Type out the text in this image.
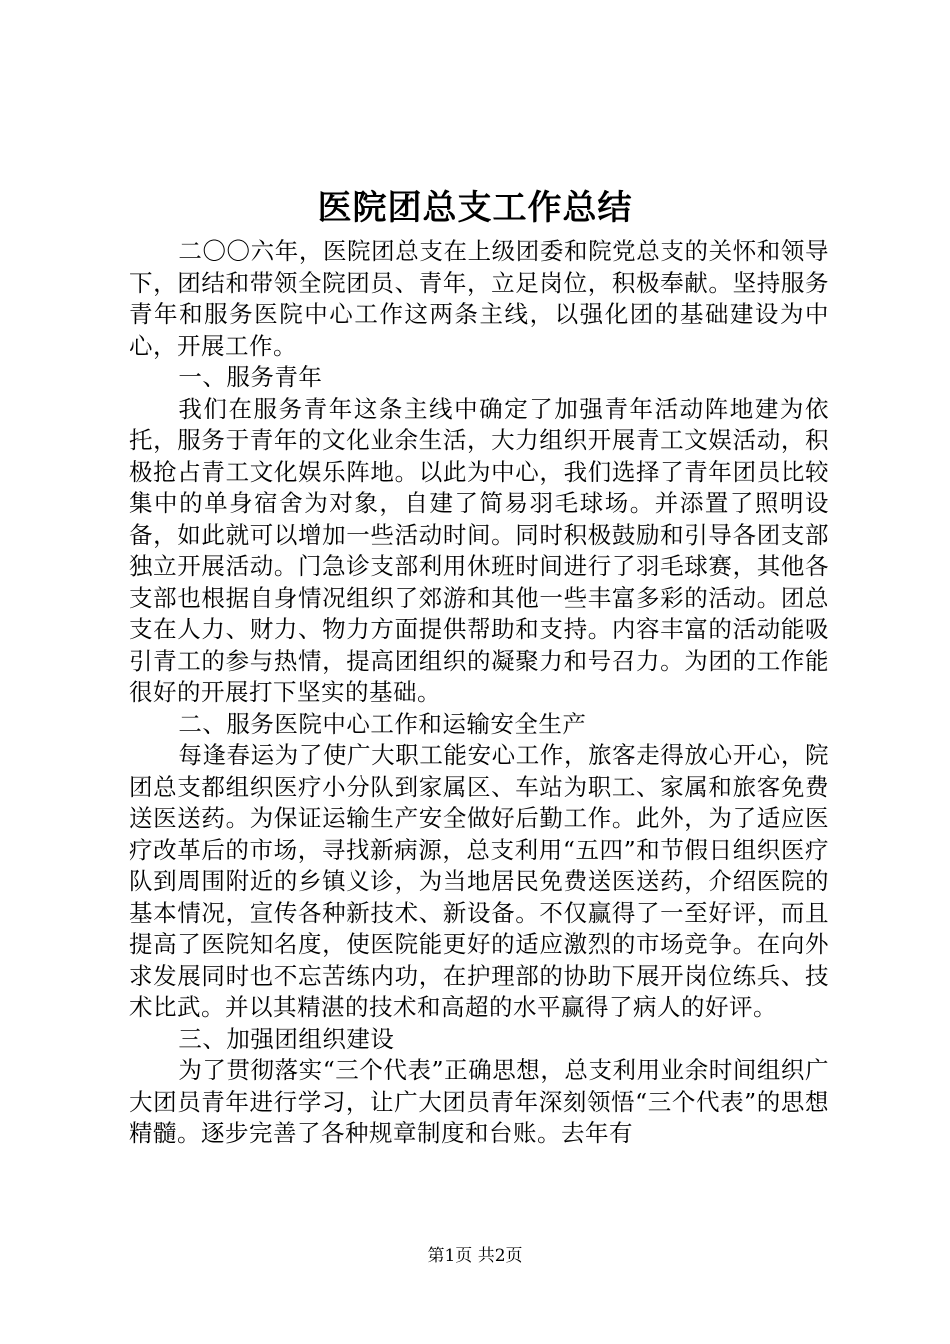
医院团总支工作总结

二〇〇六年，医院团总支在上级团委和院党总支的关怀和领导下，团结和带领全院团员、青年，立足岗位，积极奉献。坚持服务青年和服务医院中心工作这两条主线，以强化团的基础建设为中心，开展工作。

一、服务青年

我们在服务青年这条主线中确定了加强青年活动阵地建为依托，服务于青年的文化业余生活，大力组织开展青工文娱活动，积极抢占青工文化娱乐阵地。以此为中心，我们选择了青年团员比较集中的单身宿舍为对象，自建了简易羽毛球场。并添置了照明设备，如此就可以增加一些活动时间。同时积极鼓励和引导各团支部独立开展活动。门急诊支部利用休班时间进行了羽毛球赛，其他各支部也根据自身情况组织了郊游和其他一些丰富多彩的活动。团总支在人力、财力、物力方面提供帮助和支持。内容丰富的活动能吸引青工的参与热情，提高团组织的凝聚力和号召力。为团的工作能很好的开展打下坚实的基础。

二、服务医院中心工作和运输安全生产

每逢春运为了使广大职工能安心工作，旅客走得放心开心，院团总支都组织医疗小分队到家属区、车站为职工、家属和旅客免费送医送药。为保证运输生产安全做好后勤工作。此外，为了适应医疗改革后的市场，寻找新病源，总支利用“五四”和节假日组织医疗队到周围附近的乡镇义诊，为当地居民免费送医送药，介绍医院的基本情况，宣传各种新技术、新设备。不仅赢得了一至好评，而且提高了医院知名度，使医院能更好的适应激烈的市场竞争。在向外求发展同时也不忘苦练内功，在护理部的协助下展开岗位练兵、技术比武。并以其精湛的技术和高超的水平赢得了病人的好评。

三、加强团组织建设

为了贯彻落实“三个代表”正确思想，总支利用业余时间组织广大团员青年进行学习，让广大团员青年深刻领悟“三个代表”的思想精髓。逐步完善了各种规章制度和台账。去年有

第1页 共2页
